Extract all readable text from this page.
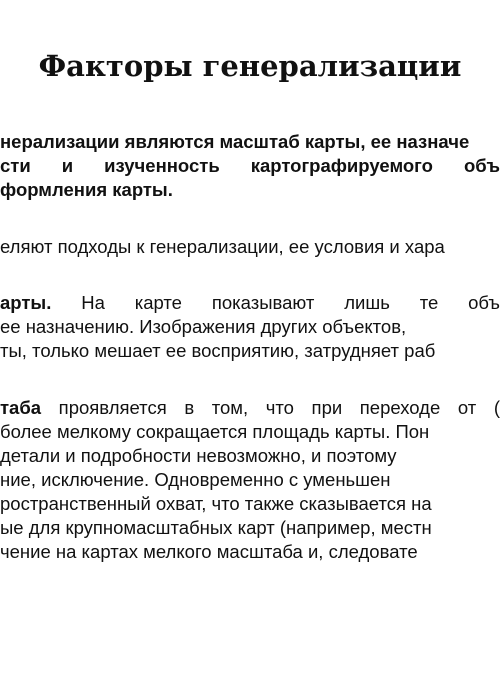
Факторы генерализации
нерализации являются масштаб карты, ее назначе
сти и изученность картографируемого объ
формления карты.
еляют подходы к генерализации, ее условия и хара
арты. На карте показывают лишь те объ
ее назначению. Изображения других объектов,
ты, только мешает ее восприятию, затрудняет раб
таба проявляется в том, что при переходе от (
более мелкому сокращается площадь карты. Пон
детали и подробности невозможно, и поэтому
ние, исключение. Одновременно с уменьшен
ространственный охват, что также сказывается на
ые для крупномасштабных карт (например, местн
чение на картах мелкого масштаба и, следовате
